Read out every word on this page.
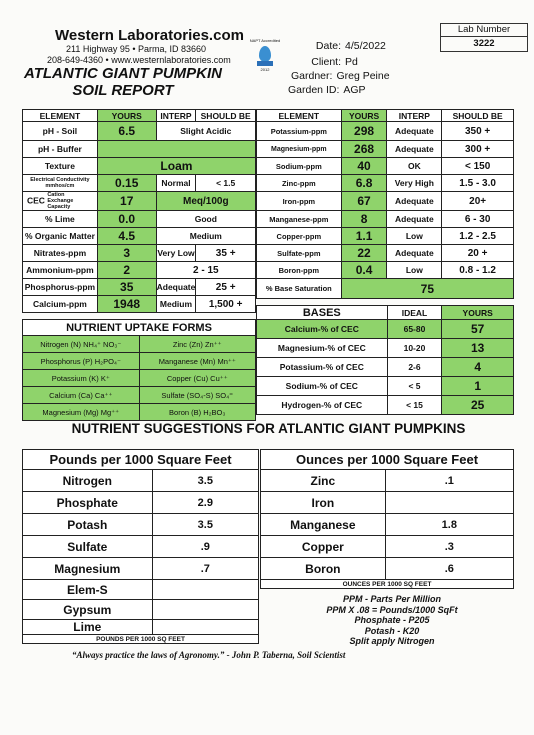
Western Laboratories.com
211 Highway 95 • Parma, ID 83660
208-649-4360 • www.westernlaboratories.com
ATLANTIC GIANT PUMPKIN
SOIL REPORT
NAPT Accredited
2012
Date: 4/5/2022
Client: Pd
Gardner: Greg Peine
Garden ID: AGP
Lab Number
3222
ELEMENT	YOURS	INTERP	SHOULD BE
pH - Soil	6.5	Slight Acidic	
pH - Buffer			
Texture	Loam		
Electrical Conductivity mmhos/cm	0.15	Normal	< 1.5
CEC Cation Exchange Capacity	17	Meq/100g	
% Lime	0.0	Good	
% Organic Matter	4.5	Medium	
Nitrates-ppm	3	Very Low	35 +
Ammonium-ppm	2	2 - 15	
Phosphorus-ppm	35	Adequate	25 +
Calcium-ppm	1948	Medium	1,500 +
ELEMENT	YOURS	INTERP	SHOULD BE
Potassium-ppm	298	Adequate	350 +
Magnesium-ppm	268	Adequate	300 +
Sodium-ppm	40	OK	< 150
Zinc-ppm	6.8	Very High	1.5 - 3.0
Iron-ppm	67	Adequate	20+
Manganese-ppm	8	Adequate	6 - 30
Copper-ppm	1.1	Low	1.2 - 2.5
Sulfate-ppm	22	Adequate	20 +
Boron-ppm	0.4	Low	0.8 - 1.2
% Base Saturation	75		
NUTRIENT UPTAKE FORMS	
Nitrogen (N) NH₄⁺ NO₃⁻	Zinc (Zn) Zn⁺⁺
Phosphorus (P) H₂PO₄⁻	Manganese (Mn) Mn⁺⁺
Potassium (K) K⁺	Copper (Cu) Cu⁺⁺
Calcium (Ca) Ca⁺⁺	Sulfate (SO₄-S) SO₄⁼
Magnesium (Mg) Mg⁺⁺	Boron (B) H₂BO₃
BASES	IDEAL	YOURS
Calcium-% of CEC	65-80	57
Magnesium-% of CEC	10-20	13
Potassium-% of CEC	2-6	4
Sodium-% of CEC	< 5	1
Hydrogen-% of CEC	< 15	25
NUTRIENT SUGGESTIONS FOR ATLANTIC GIANT PUMPKINS
Pounds per 1000 Square Feet	
Nitrogen	3.5
Phosphate	2.9
Potash	3.5
Sulfate	.9
Magnesium	.7
Elem-S	
Gypsum	
Lime	
POUNDS PER 1000 SQ FEET	
Ounces per 1000 Square Feet	
Zinc	.1
Iron	
Manganese	1.8
Copper	.3
Boron	.6
OUNCES PER 1000 SQ FEET	
PPM - Parts Per Million
PPM X .08 = Pounds/1000 SqFt
Phosphate - P205
Potash - K20
Split apply Nitrogen
“Always practice the laws of Agronomy.” - John P. Taberna, Soil Scientist
